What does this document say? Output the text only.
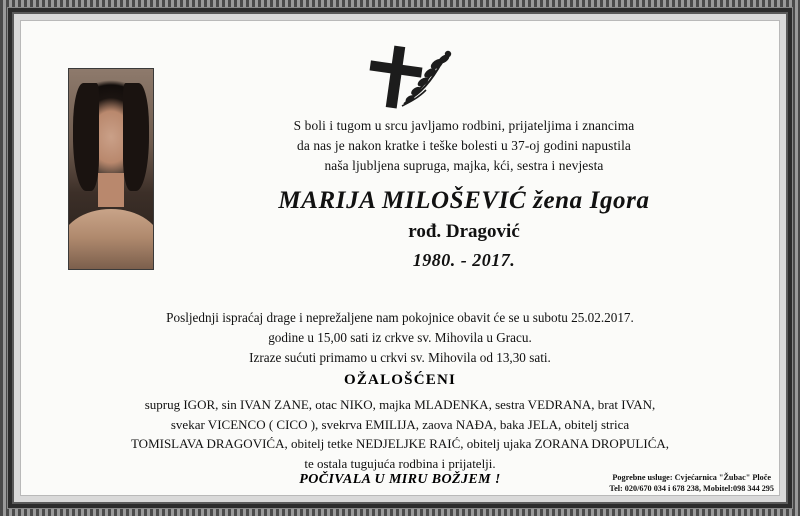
S boli i tugom u srcu javljamo rodbini, prijateljima i znancima
da nas je nakon kratke i teške bolesti u 37-oj godini napustila
naša ljubljena supruga, majka, kći, sestra i nevjesta
MARIJA MILOŠEVIĆ žena Igora
rođ. Dragović
1980. - 2017.
Posljednji ispraćaj drage i neprežaljene nam pokojnice obavit će se u subotu 25.02.2017.
godine u 15,00 sati iz crkve sv. Mihovila u Gracu.
Izraze sućuti primamo u crkvi sv. Mihovila od 13,30 sati.
OŽALOŠĆENI
suprug IGOR, sin IVAN ZANE, otac NIKO, majka MLADENKA, sestra VEDRANA, brat IVAN,
svekar VICENCO ( CICO ), svekrva EMILIJA, zaova NAĐA, baka JELA, obitelj strica
TOMISLAVA DRAGOVIĆA, obitelj tetke NEDJELJKE RAIĆ, obitelj ujaka ZORANA DROPULIĆA,
te ostala tugujuća rodbina i prijatelji.
POČIVALA U MIRU BOŽJEM !	Pogrebne usluge: Cvjećarnica "Žubac" Ploče
Tel: 020/670 034 i 678 238, Mobitel:098 344 295
